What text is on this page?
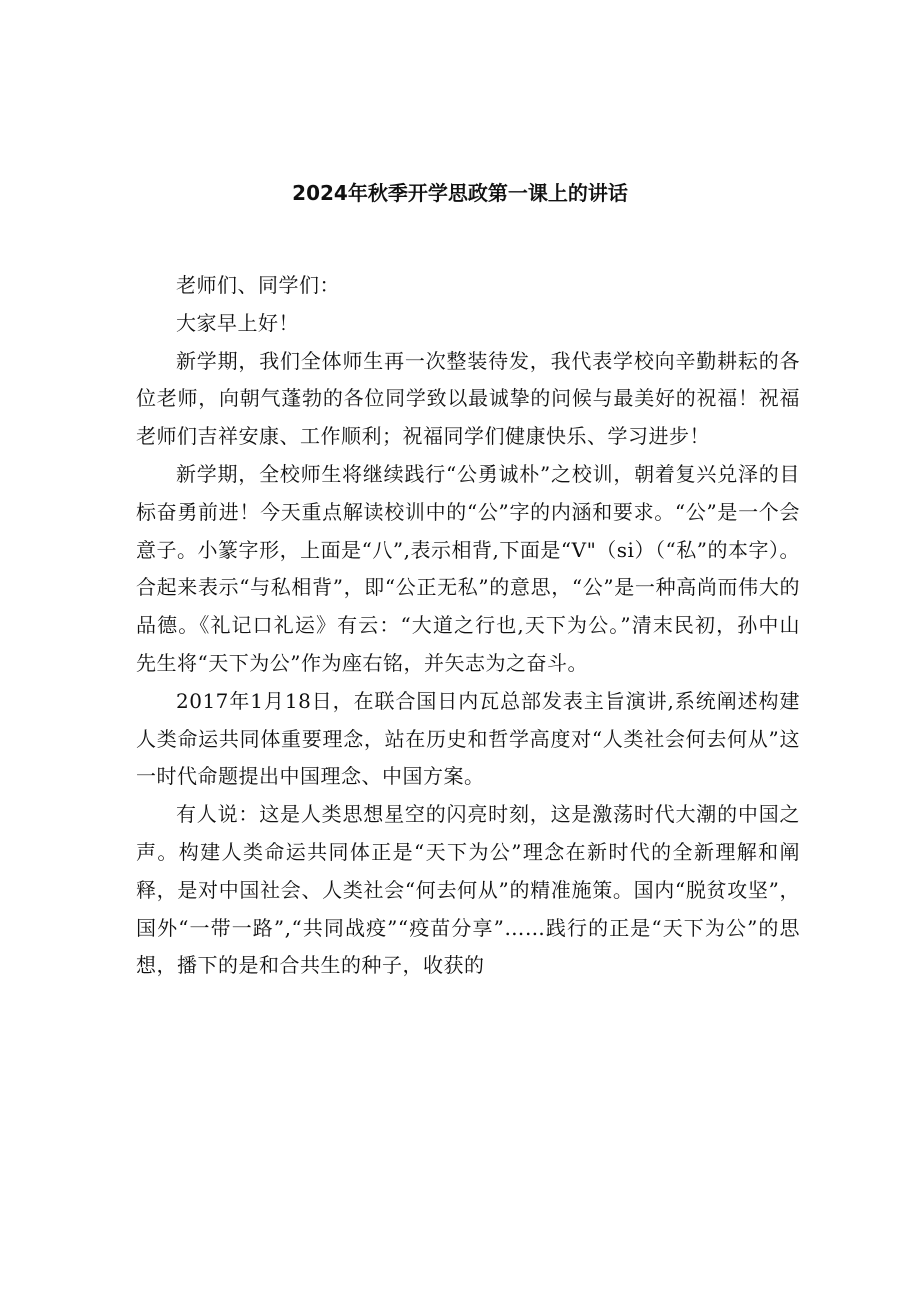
2024年秋季开学思政第一课上的讲话

老师们、同学们：

大家早上好！

新学期，我们全体师生再一次整装待发，我代表学校向辛勤耕耘的各位老师，向朝气蓬勃的各位同学致以最诚挚的问候与最美好的祝福！祝福老师们吉祥安康、工作顺利；祝福同学们健康快乐、学习进步！

新学期，全校师生将继续践行“公勇诚朴”之校训，朝着复兴兑泽的目标奋勇前进！今天重点解读校训中的“公”字的内涵和要求。“公”是一个会意子。小篆字形，上面是“八”,表示相背,下面是“V"（si）（“私”的本字）。合起来表示“与私相背”，即“公正无私”的意思，“公”是一种高尚而伟大的品德。《礼记口礼运》有云：“大道之行也,天下为公。”清末民初，孙中山先生将“天下为公”作为座右铭，并矢志为之奋斗。

2017年1月18日，在联合国日内瓦总部发表主旨演讲,系统阐述构建人类命运共同体重要理念，站在历史和哲学高度对“人类社会何去何从”这一时代命题提出中国理念、中国方案。

有人说：这是人类思想星空的闪亮时刻，这是激荡时代大潮的中国之声。构建人类命运共同体正是“天下为公”理念在新时代的全新理解和阐释，是对中国社会、人类社会“何去何从”的精准施策。国内“脱贫攻坚”，国外“一带一路”,“共同战疫”“疫苗分享”……践行的正是“天下为公”的思想，播下的是和合共生的种子，收获的
